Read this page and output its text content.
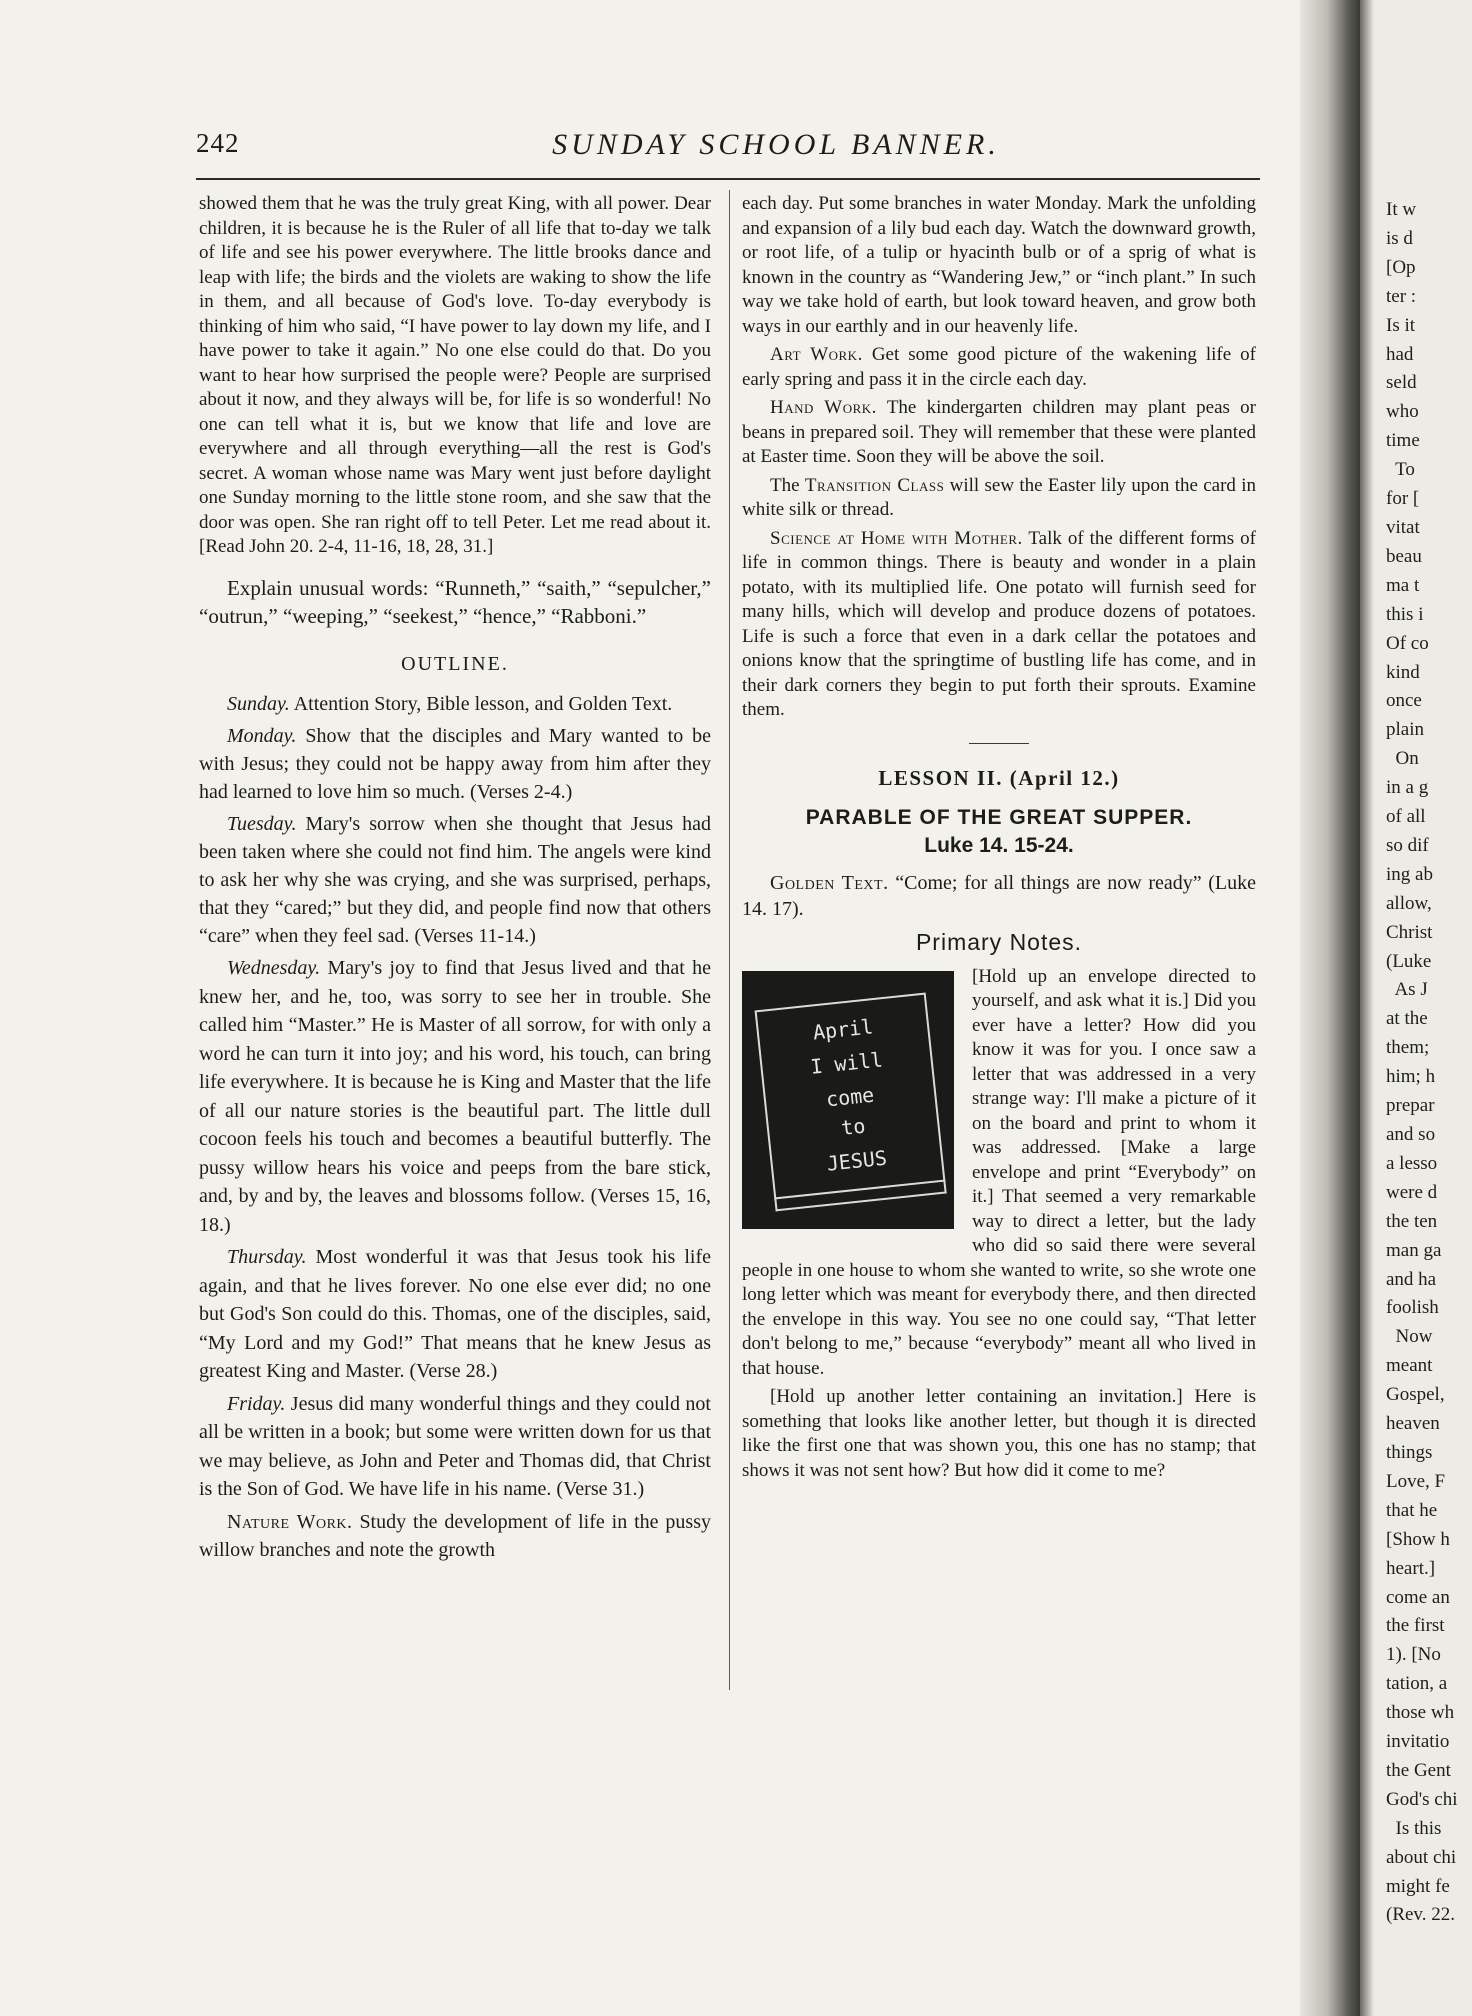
242	SUNDAY SCHOOL BANNER.

showed them that he was the truly great King, with all power. Dear children, it is because he is the Ruler of all life that to-day we talk of life and see his power everywhere. The little brooks dance and leap with life; the birds and the violets are waking to show the life in them, and all because of God's love. To-day everybody is thinking of him who said, “I have power to lay down my life, and I have power to take it again.” No one else could do that. Do you want to hear how surprised the people were? People are surprised about it now, and they always will be, for life is so wonderful! No one can tell what it is, but we know that life and love are everywhere and all through everything—all the rest is God's secret. A woman whose name was Mary went just before daylight one Sunday morning to the little stone room, and she saw that the door was open. She ran right off to tell Peter. Let me read about it. [Read John 20. 2-4, 11-16, 18, 28, 31.]

Explain unusual words: “Runneth,” “saith,” “sepulcher,” “outrun,” “weeping,” “seekest,” “hence,” “Rabboni.”

OUTLINE.

Sunday. Attention Story, Bible lesson, and Golden Text.

Monday. Show that the disciples and Mary wanted to be with Jesus; they could not be happy away from him after they had learned to love him so much. (Verses 2-4.)

Tuesday. Mary's sorrow when she thought that Jesus had been taken where she could not find him. The angels were kind to ask her why she was crying, and she was surprised, perhaps, that they “cared;” but they did, and people find now that others “care” when they feel sad. (Verses 11-14.)

Wednesday. Mary's joy to find that Jesus lived and that he knew her, and he, too, was sorry to see her in trouble. She called him “Master.” He is Master of all sorrow, for with only a word he can turn it into joy; and his word, his touch, can bring life everywhere. It is because he is King and Master that the life of all our nature stories is the beautiful part. The little dull cocoon feels his touch and becomes a beautiful butterfly. The pussy willow hears his voice and peeps from the bare stick, and, by and by, the leaves and blossoms follow. (Verses 15, 16, 18.)

Thursday. Most wonderful it was that Jesus took his life again, and that he lives forever. No one else ever did; no one but God's Son could do this. Thomas, one of the disciples, said, “My Lord and my God!” That means that he knew Jesus as greatest King and Master. (Verse 28.)

Friday. Jesus did many wonderful things and they could not all be written in a book; but some were written down for us that we may believe, as John and Peter and Thomas did, that Christ is the Son of God. We have life in his name. (Verse 31.)

Nature Work. Study the development of life in the pussy willow branches and note the growth

each day. Put some branches in water Monday. Mark the unfolding and expansion of a lily bud each day. Watch the downward growth, or root life, of a tulip or hyacinth bulb or of a sprig of what is known in the country as “Wandering Jew,” or “inch plant.” In such way we take hold of earth, but look toward heaven, and grow both ways in our earthly and in our heavenly life.

Art Work. Get some good picture of the wakening life of early spring and pass it in the circle each day.

Hand Work. The kindergarten children may plant peas or beans in prepared soil. They will remember that these were planted at Easter time. Soon they will be above the soil.

The Transition Class will sew the Easter lily upon the card in white silk or thread.

Science at Home with Mother. Talk of the different forms of life in common things. There is beauty and wonder in a plain potato, with its multiplied life. One potato will furnish seed for many hills, which will develop and produce dozens of potatoes. Life is such a force that even in a dark cellar the potatoes and onions know that the springtime of bustling life has come, and in their dark corners they begin to put forth their sprouts. Examine them.

LESSON II. (April 12.)
PARABLE OF THE GREAT SUPPER.
Luke 14. 15-24.

Golden Text. “Come; for all things are now ready” (Luke 14. 17).

Primary Notes.
April
I will
come
to
JESUS

[Hold up an envelope directed to yourself, and ask what it is.] Did you ever have a letter? How did you know it was for you. I once saw a letter that was addressed in a very strange way: I'll make a picture of it on the board and print to whom it was addressed. [Make a large envelope and print “Everybody” on it.] That seemed a very remarkable way to direct a letter, but the lady who did so said there were several people in one house to whom she wanted to write, so she wrote one long letter which was meant for everybody there, and then directed the envelope in this way. You see no one could say, “That letter don't belong to me,” because “everybody” meant all who lived in that house.

[Hold up another letter containing an invitation.] Here is something that looks like another letter, but though it is directed like the first one that was shown you, this one has no stamp; that shows it was not sent how? But how did it come to me?

It w
is d
[Op
ter :
Is it
had
seld
who
time
To
for [
vitat
beau
ma t
this i
Of co
kind
once
plain
On
in a g
of all
so dif
ing ab
allow,
Christ
(Luke
As J
at the
them;
him; h
prepar
and so
a lesso
were d
the ten
man ga
and ha
foolish
Now
meant
Gospel,
heaven
things
Love, F
that he
[Show h
heart.]
come an
the first
1). [No
tation, a
those wh
invitatio
the Gent
God's chi
Is this
about chi
might fe
(Rev. 22.
